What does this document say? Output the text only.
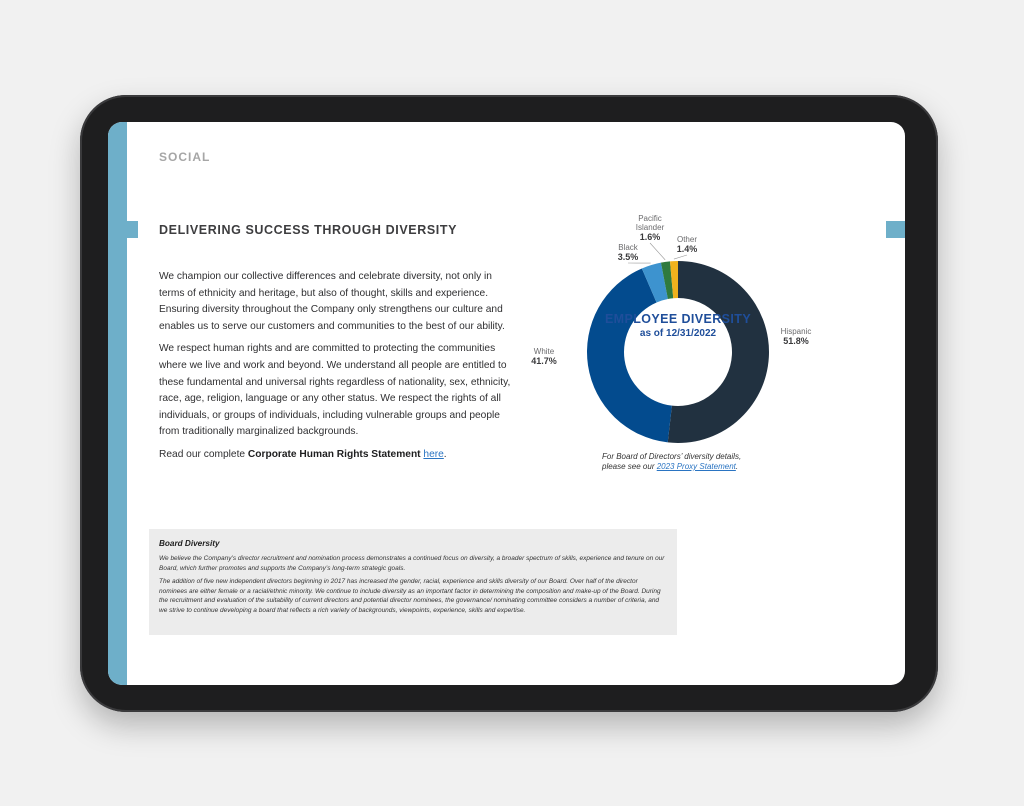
SOCIAL
DELIVERING SUCCESS THROUGH DIVERSITY

We champion our collective differences and celebrate diversity, not only in terms of ethnicity and heritage, but also of thought, skills and experience. Ensuring diversity throughout the Company only strengthens our culture and enables us to serve our customers and communities to the best of our ability.

We respect human rights and are committed to protecting the communities where we live and work and beyond. We understand all people are entitled to these fundamental and universal rights regardless of nationality, sex, ethnicity, race, age, religion, language or any other status. We respect the rights of all individuals, or groups of individuals, including vulnerable groups and people from traditionally marginalized backgrounds.

Read our complete Corporate Human Rights Statement here.

Hispanic 51.8%
White 41.7%
Black 3.5%
Pacific Islander 1.6%	Other 1.4%
EMPLOYEE DIVERSITY
as of 12/31/2022
For Board of Directors’ diversity details,
please see our 2023 Proxy Statement.
Board Diversity
We believe the Company’s director recruitment and nomination process demonstrates a continued focus on diversity, a broader spectrum of skills, experience and tenure on our Board, which further promotes and supports the Company’s long-term strategic goals.
The addition of five new independent directors beginning in 2017 has increased the gender, racial, experience and skills diversity of our Board. Over half of the director nominees are either female or a racial/ethnic minority. We continue to include diversity as an important factor in determining the composition and make-up of the Board. During the recruitment and evaluation of the suitability of current directors and potential director nominees, the governance/ nominating committee considers a number of criteria, and we strive to continue developing a board that reflects a rich variety of backgrounds, viewpoints, experience, skills and expertise.
